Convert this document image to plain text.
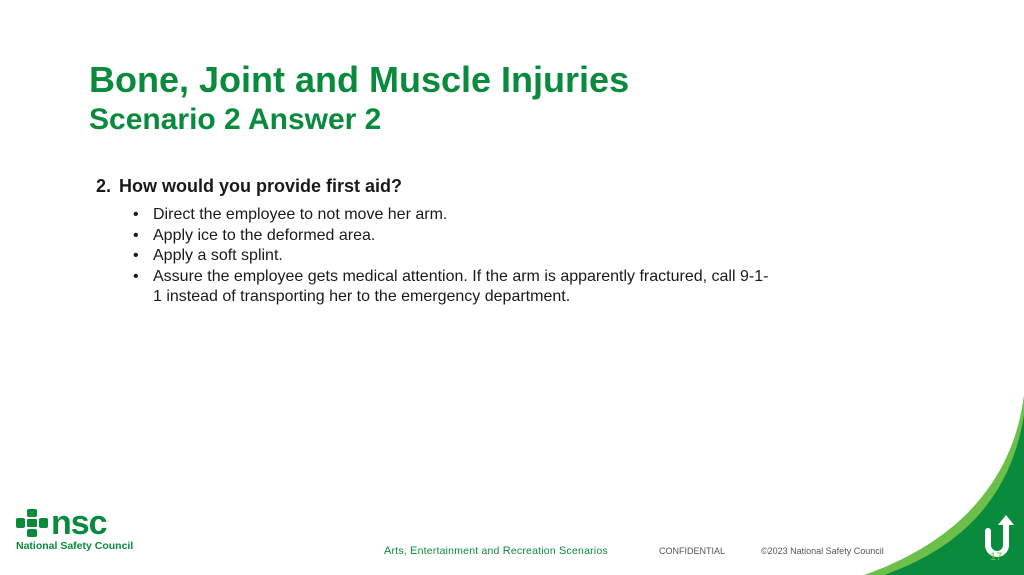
Bone, Joint and Muscle Injuries
Scenario 2 Answer 2
2. How would you provide first aid?
• Direct the employee to not move her arm.
• Apply ice to the deformed area.
• Apply a soft splint.
• Assure the employee gets medical attention. If the arm is apparently fractured, call 9-1-1 instead of transporting her to the emergency department.
nsc
National Safety Council	Arts, Entertainment and Recreation Scenarios	CONFIDENTIAL	©2023 National Safety Council	17
